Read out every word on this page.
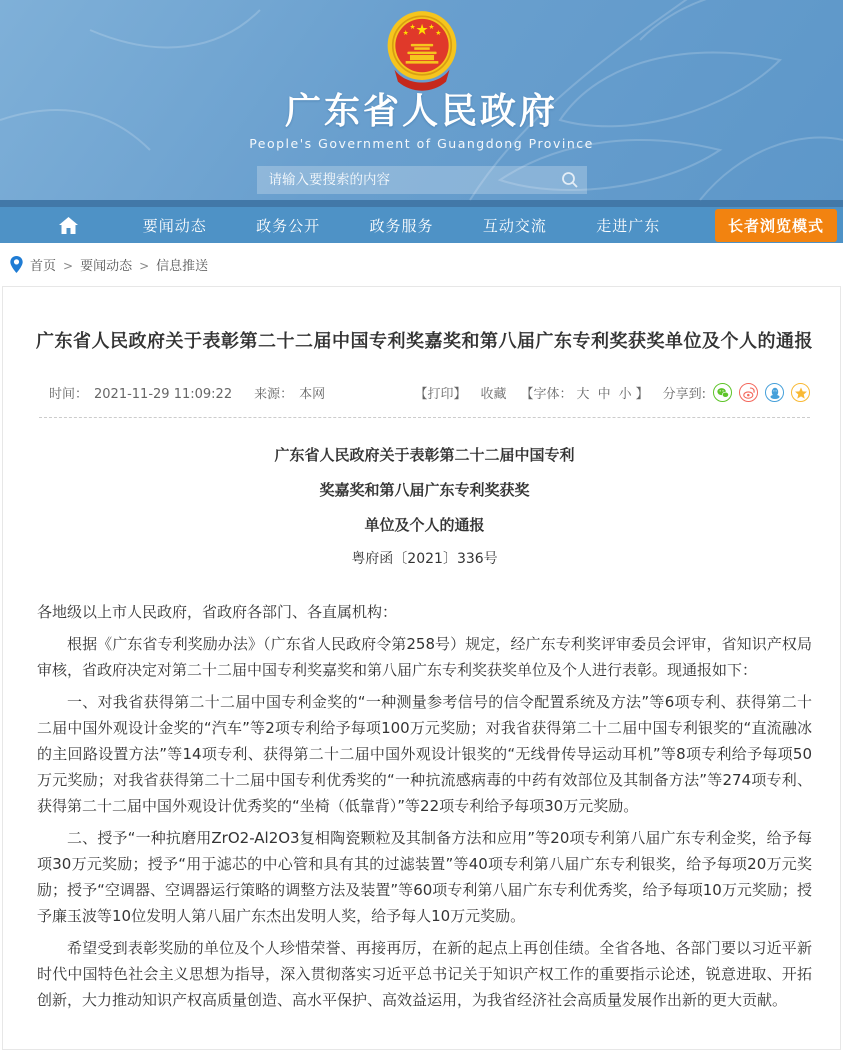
★
★
★ ★
★
广东省人民政府
People's Government of Guangdong Province
请输入要搜索的内容
要闻动态	政务公开	政务服务	互动交流	走进广东	长者浏览模式
首页 > 要闻动态 > 信息推送
广东省人民政府关于表彰第二十二届中国专利奖嘉奖和第八届广东专利奖获奖单位及个人的通报
时间： 2021-11-29 11:09:22 来源： 本网	【打印】 收藏 【字体： 大 中 小 】 分享到:
广东省人民政府关于表彰第二十二届中国专利
奖嘉奖和第八届广东专利奖获奖
单位及个人的通报
粤府函〔2021〕336号

各地级以上市人民政府，省政府各部门、各直属机构：

根据《广东省专利奖励办法》（广东省人民政府令第258号）规定，经广东专利奖评审委员会评审，省知识产权局审核，省政府决定对第二十二届中国专利奖嘉奖和第八届广东专利奖获奖单位及个人进行表彰。现通报如下：

一、对我省获得第二十二届中国专利金奖的“一种测量参考信号的信令配置系统及方法”等6项专利、获得第二十二届中国外观设计金奖的“汽车”等2项专利给予每项100万元奖励；对我省获得第二十二届中国专利银奖的“直流融冰的主回路设置方法”等14项专利、获得第二十二届中国外观设计银奖的“无线骨传导运动耳机”等8项专利给予每项50万元奖励；对我省获得第二十二届中国专利优秀奖的“一种抗流感病毒的中药有效部位及其制备方法”等274项专利、获得第二十二届中国外观设计优秀奖的“坐椅（低靠背）”等22项专利给予每项30万元奖励。

二、授予“一种抗磨用ZrO2-Al2O3复相陶瓷颗粒及其制备方法和应用”等20项专利第八届广东专利金奖，给予每项30万元奖励；授予“用于滤芯的中心管和具有其的过滤装置”等40项专利第八届广东专利银奖，给予每项20万元奖励；授予“空调器、空调器运行策略的调整方法及装置”等60项专利第八届广东专利优秀奖，给予每项10万元奖励；授予廉玉波等10位发明人第八届广东杰出发明人奖，给予每人10万元奖励。

希望受到表彰奖励的单位及个人珍惜荣誉、再接再厉，在新的起点上再创佳绩。全省各地、各部门要以习近平新时代中国特色社会主义思想为指导，深入贯彻落实习近平总书记关于知识产权工作的重要指示论述，锐意进取、开拓创新，大力推动知识产权高质量创造、高水平保护、高效益运用，为我省经济社会高质量发展作出新的更大贡献。
